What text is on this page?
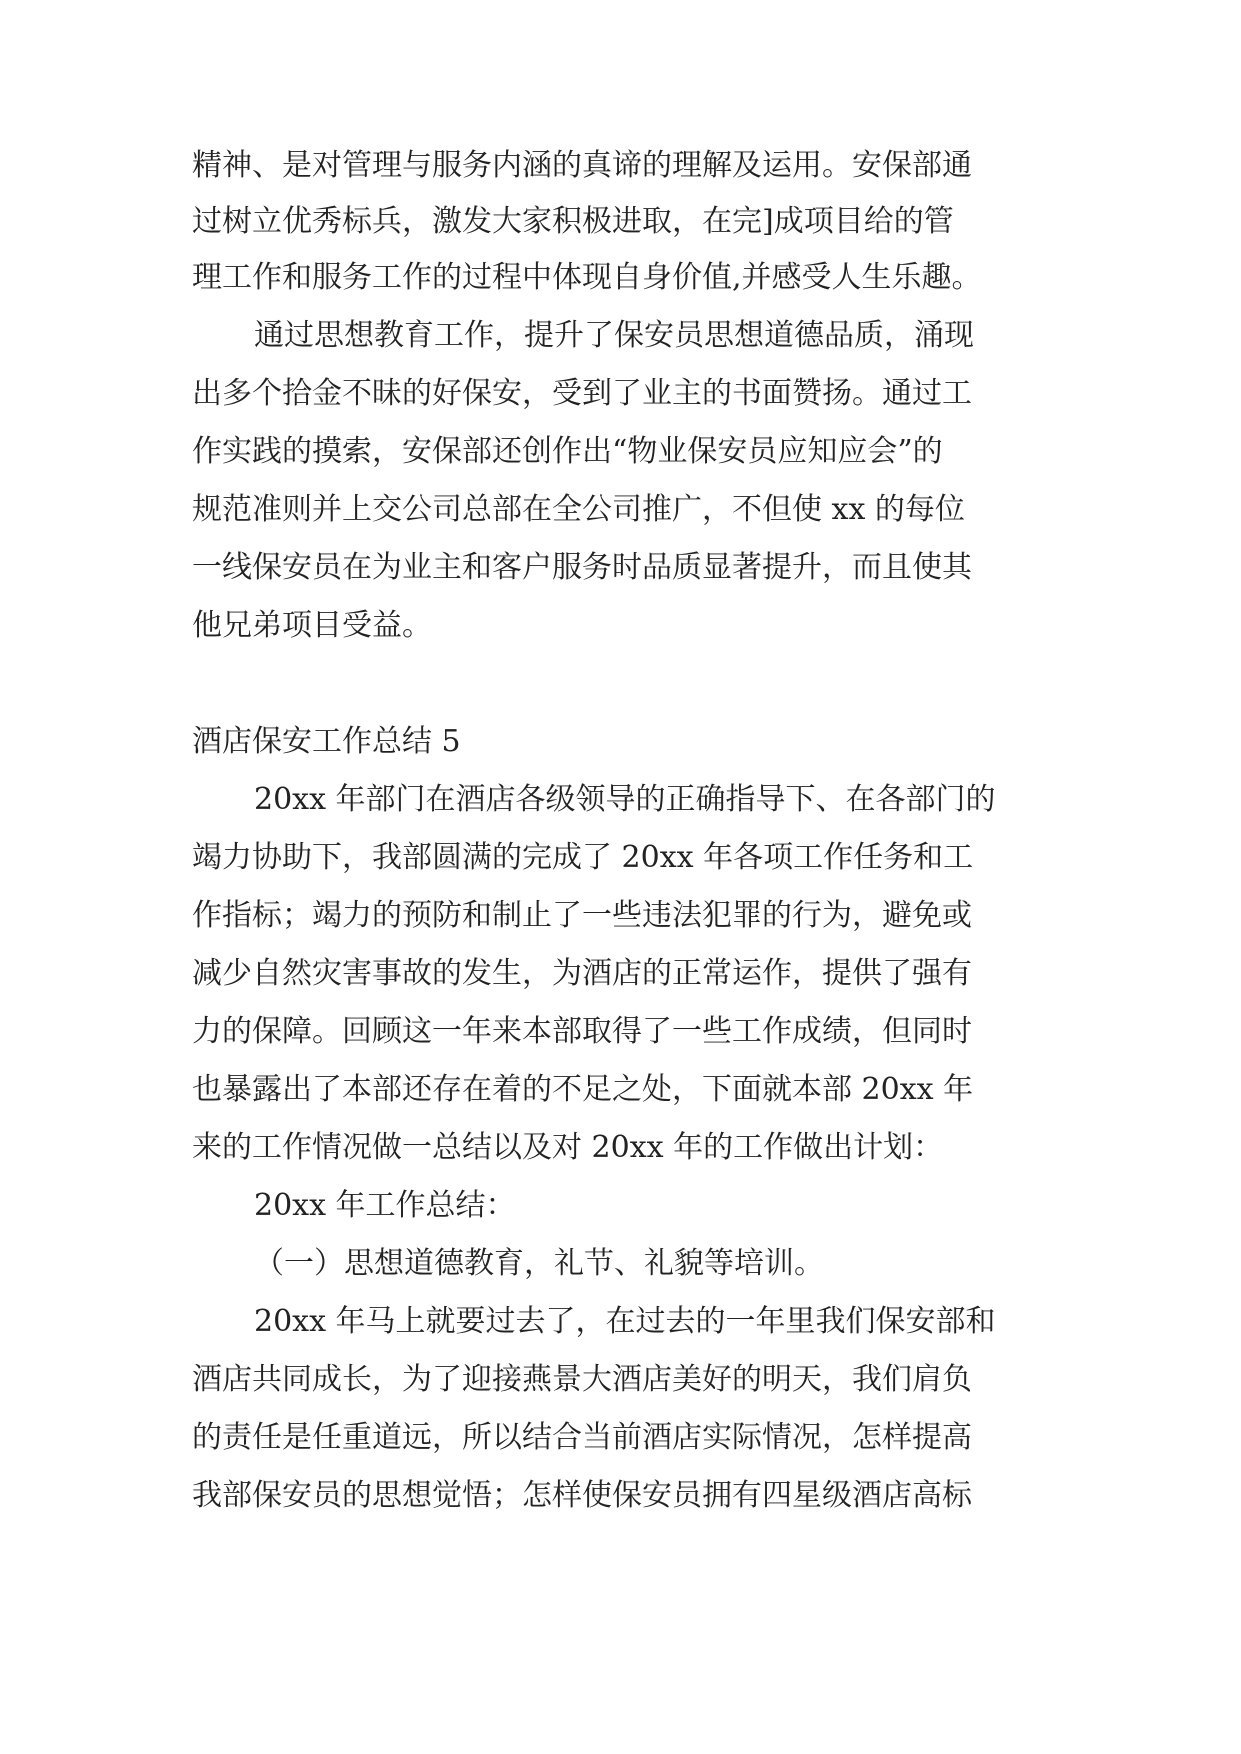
精神、是对管理与服务内涵的真谛的理解及运用。安保部通

过树立优秀标兵，激发大家积极进取，在完]成项目给的管

理工作和服务工作的过程中体现自身价值,并感受人生乐趣。

通过思想教育工作，提升了保安员思想道德品质，涌现

出多个拾金不昧的好保安，受到了业主的书面赞扬。通过工

作实践的摸索，安保部还创作出“物业保安员应知应会”的

规范准则并上交公司总部在全公司推广，不但使 xx 的每位

一线保安员在为业主和客户服务时品质显著提升，而且使其

他兄弟项目受益。

酒店保安工作总结 5

20xx 年部门在酒店各级领导的正确指导下、在各部门的

竭力协助下，我部圆满的完成了 20xx 年各项工作任务和工

作指标；竭力的预防和制止了一些违法犯罪的行为，避免或

减少自然灾害事故的发生，为酒店的正常运作，提供了强有

力的保障。回顾这一年来本部取得了一些工作成绩，但同时

也暴露出了本部还存在着的不足之处，下面就本部 20xx 年

来的工作情况做一总结以及对 20xx 年的工作做出计划：

20xx 年工作总结：

（一）思想道德教育，礼节、礼貌等培训。

20xx 年马上就要过去了，在过去的一年里我们保安部和

酒店共同成长，为了迎接燕景大酒店美好的明天，我们肩负

的责任是任重道远，所以结合当前酒店实际情况，怎样提高

我部保安员的思想觉悟；怎样使保安员拥有四星级酒店高标
